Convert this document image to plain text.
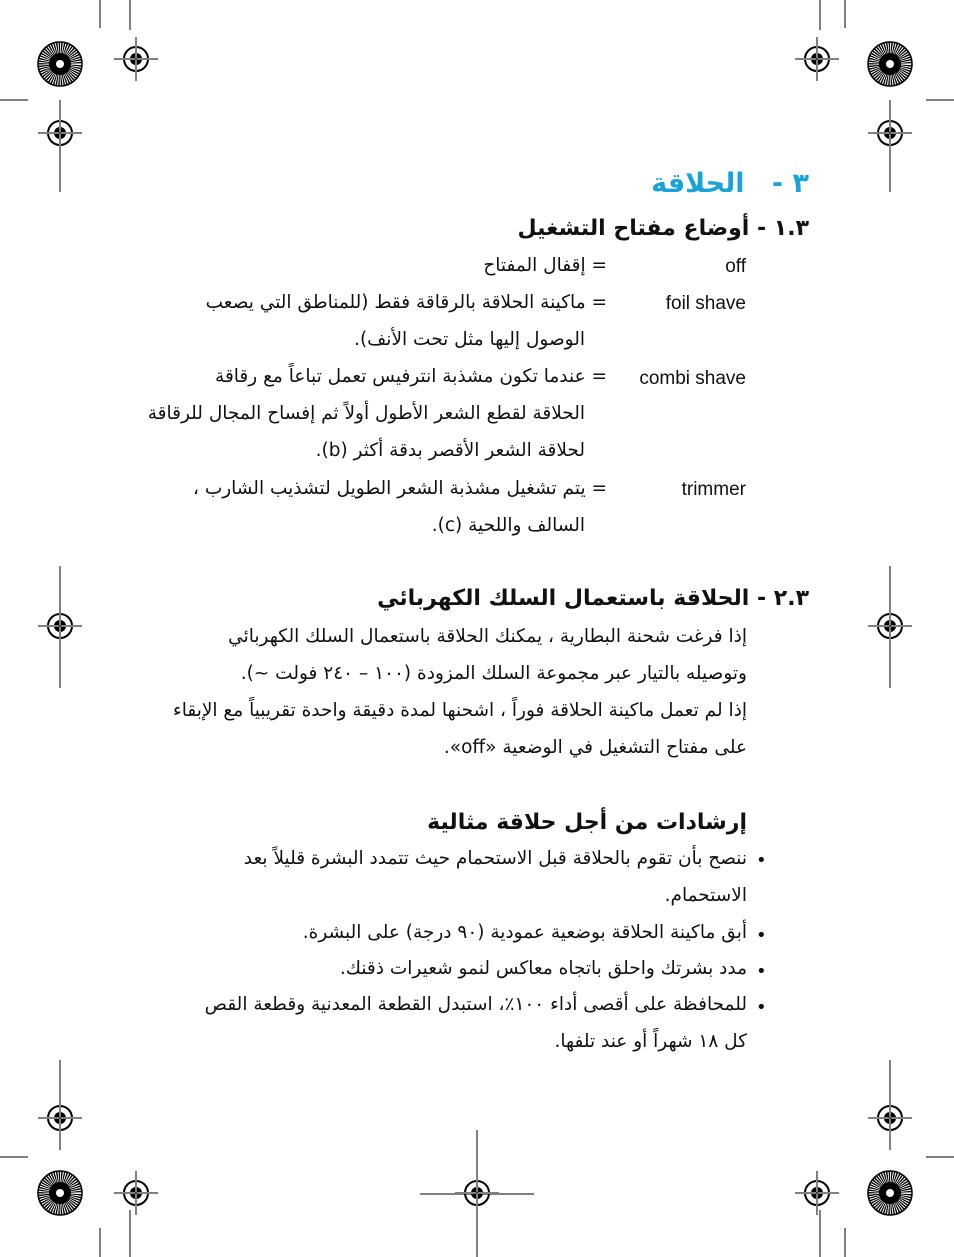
٣ - الحلاقة
١.٣ - أوضاع مفتاح التشغيل
off
foil shave
combi shave
trimmer
= إقفال المفتاح
= ماكينة الحلاقة بالرقاقة فقط (للمناطق التي يصعب
الوصول إليها مثل تحت الأنف).
= عندما تكون مشذبة انترفيس تعمل تباعاً مع رقاقة
الحلاقة لقطع الشعر الأطول أولاً ثم إفساح المجال للرقاقة
لحلاقة الشعر الأقصر بدقة أكثر (b).
= يتم تشغيل مشذبة الشعر الطويل لتشذيب الشارب ،
السالف واللحية (c).
٢.٣ - الحلاقة باستعمال السلك الكهربائي
إذا فرغت شحنة البطارية ، يمكنك الحلاقة باستعمال السلك الكهربائي
وتوصيله بالتيار عبر مجموعة السلك المزودة (١٠٠ – ٢٤٠ فولت ~).
إذا لم تعمل ماكينة الحلاقة فوراً ، اشحنها لمدة دقيقة واحدة تقريبياً مع الإبقاء
على مفتاح التشغيل في الوضعية «off».
إرشادات من أجل حلاقة مثالية
•
ننصح بأن تقوم بالحلاقة قبل الاستحمام حيث تتمدد البشرة قليلاً بعد
الاستحمام.
•
أبق ماكينة الحلاقة بوضعية عمودية (٩٠ درجة) على البشرة.
•
مدد بشرتك واحلق باتجاه معاكس لنمو شعيرات ذقنك.
•
للمحافظة على أقصى أداء ١٠٠٪، استبدل القطعة المعدنية وقطعة القص
كل ١٨ شهراً أو عند تلفها.
